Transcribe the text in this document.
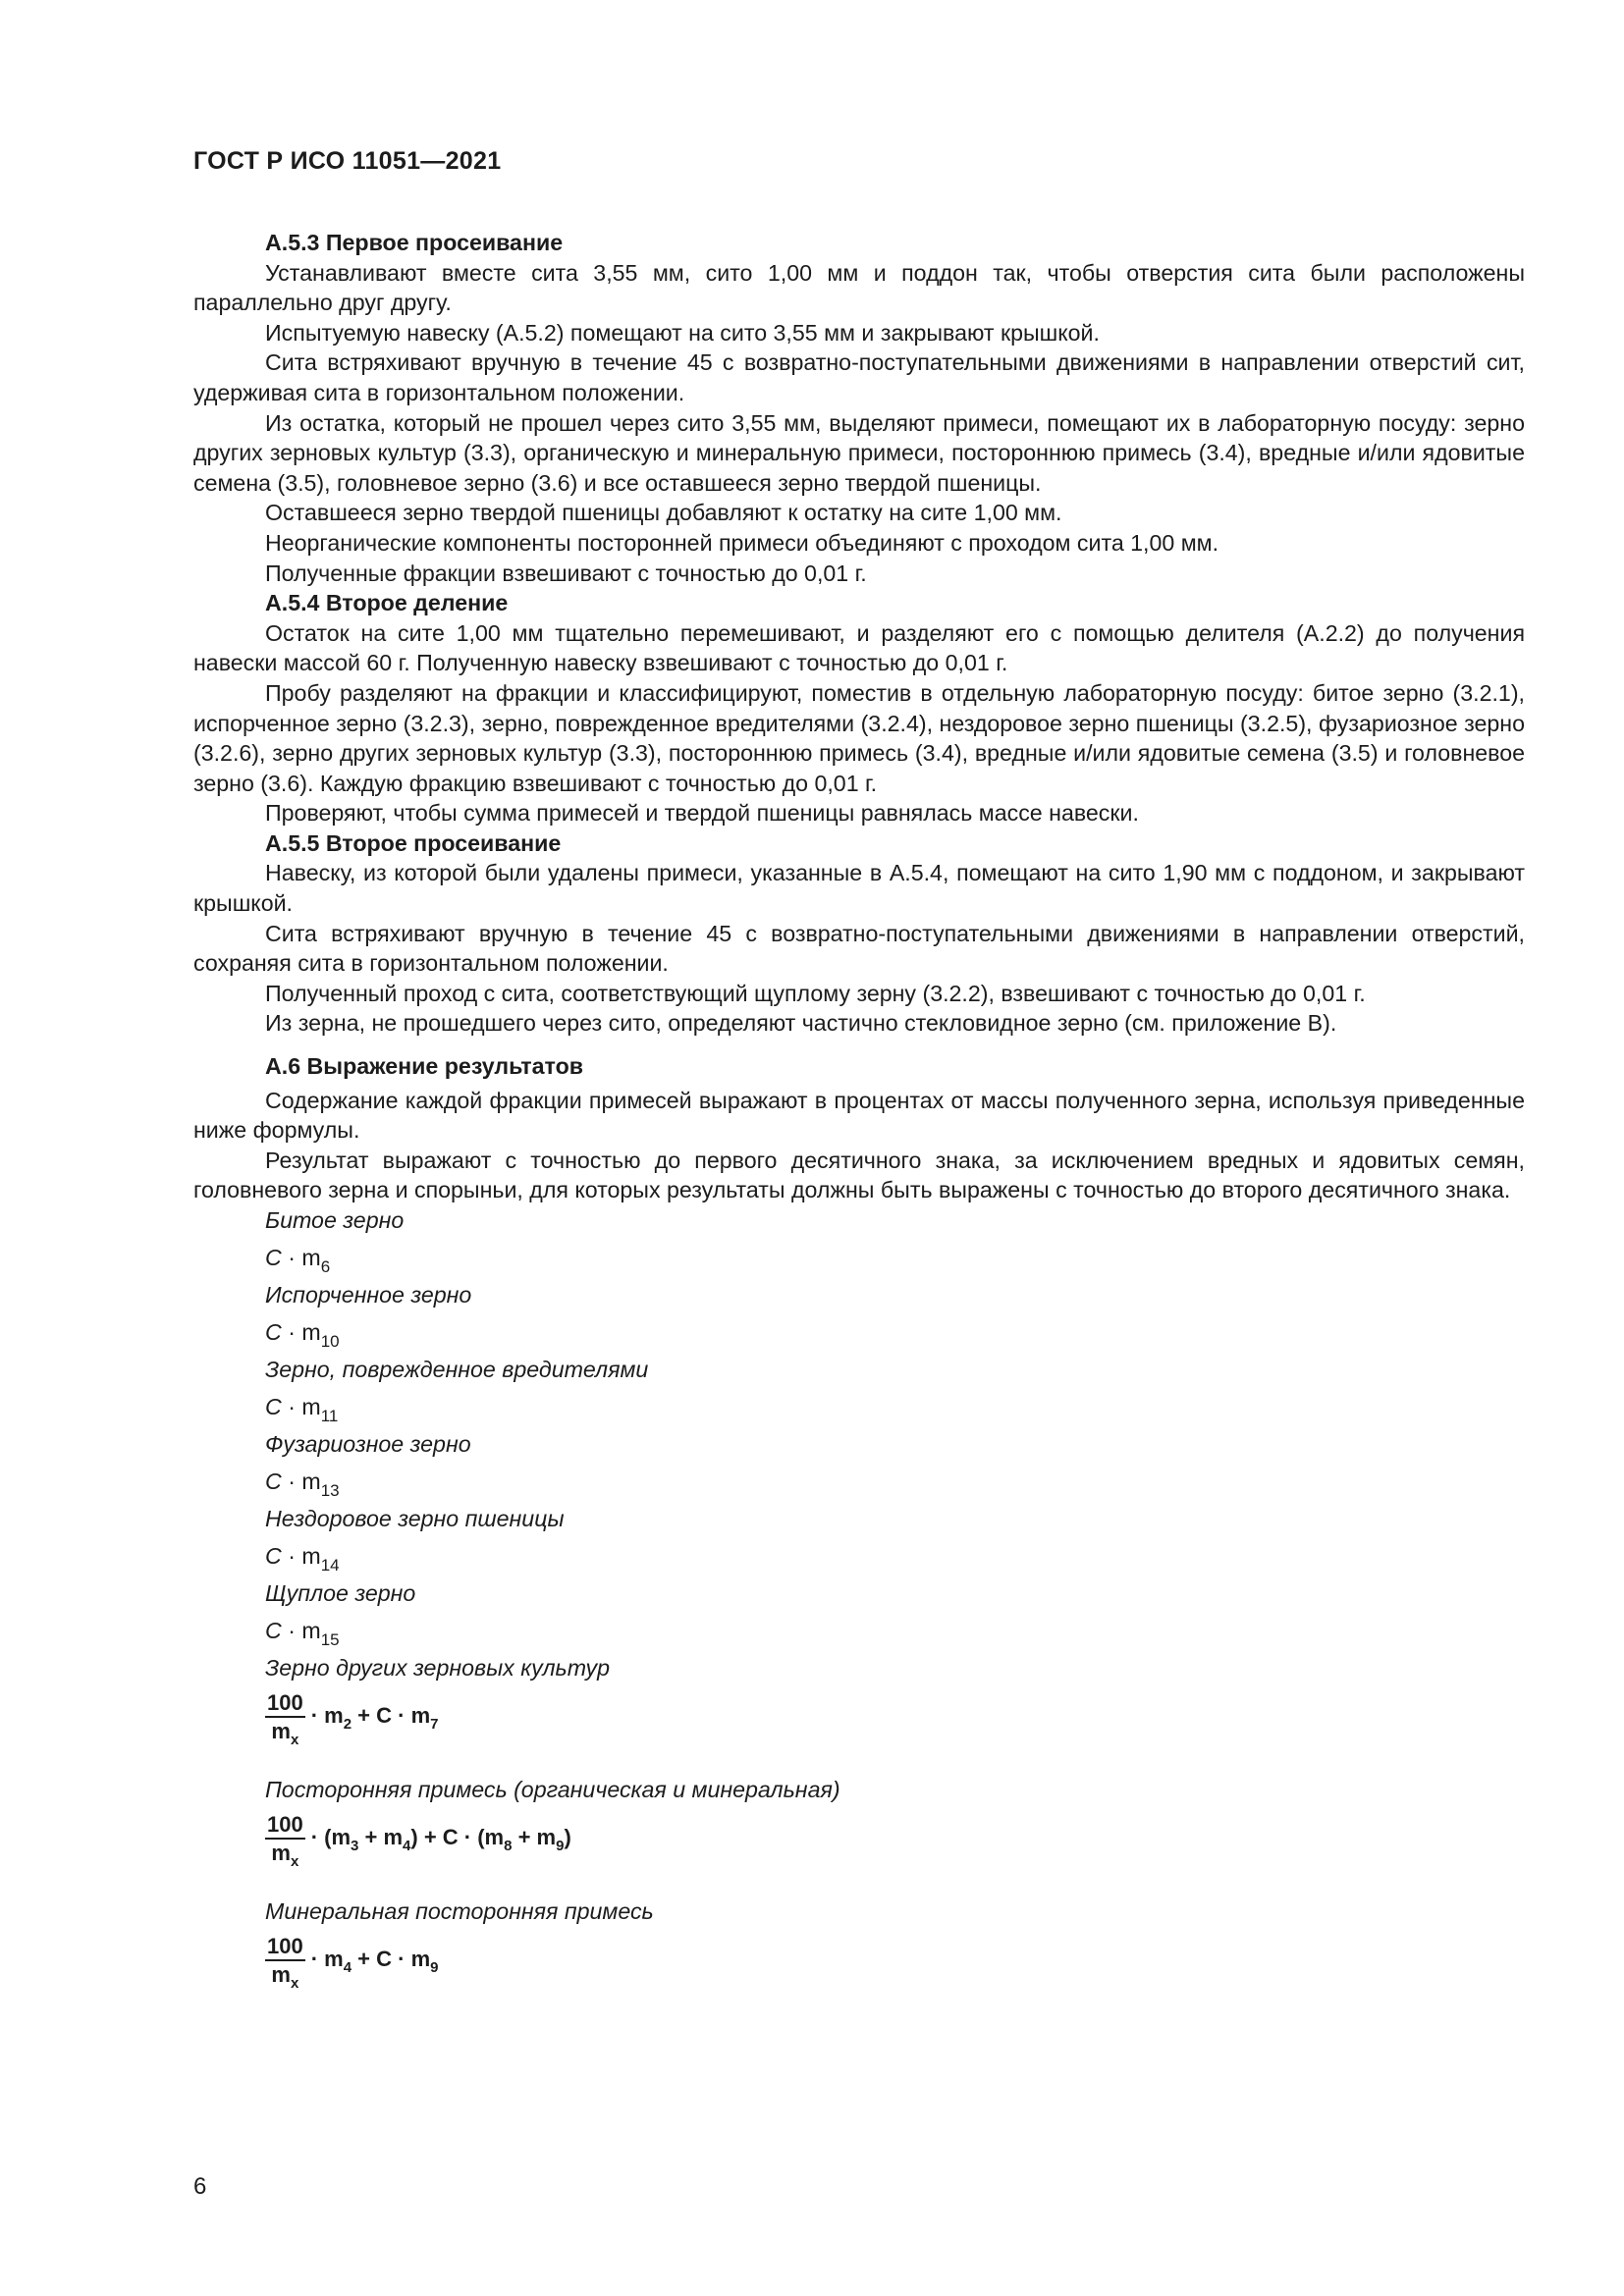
ГОСТ Р ИСО 11051—2021
А.5.3 Первое просеивание

Устанавливают вместе сита 3,55 мм, сито 1,00 мм и поддон так, чтобы отверстия сита были расположены параллельно друг другу.

Испытуемую навеску (А.5.2) помещают на сито 3,55 мм и закрывают крышкой.

Сита встряхивают вручную в течение 45 с возвратно-поступательными движениями в направлении отверстий сит, удерживая сита в горизонтальном положении.

Из остатка, который не прошел через сито 3,55 мм, выделяют примеси, помещают их в лабораторную посуду: зерно других зерновых культур (3.3), органическую и минеральную примеси, постороннюю примесь (3.4), вредные и/или ядовитые семена (3.5), головневое зерно (3.6) и все оставшееся зерно твердой пшеницы.

Оставшееся зерно твердой пшеницы добавляют к остатку на сите 1,00 мм.

Неорганические компоненты посторонней примеси объединяют с проходом сита 1,00 мм.

Полученные фракции взвешивают с точностью до 0,01 г.

А.5.4 Второе деление

Остаток на сите 1,00 мм тщательно перемешивают, и разделяют его с помощью делителя (А.2.2) до получения навески массой 60 г. Полученную навеску взвешивают с точностью до 0,01 г.

Пробу разделяют на фракции и классифицируют, поместив в отдельную лабораторную посуду: битое зерно (3.2.1), испорченное зерно (3.2.3), зерно, поврежденное вредителями (3.2.4), нездоровое зерно пшеницы (3.2.5), фузариозное зерно (3.2.6), зерно других зерновых культур (3.3), постороннюю примесь (3.4), вредные и/или ядовитые семена (3.5) и головневое зерно (3.6). Каждую фракцию взвешивают с точностью до 0,01 г.

Проверяют, чтобы сумма примесей и твердой пшеницы равнялась массе навески.

А.5.5 Второе просеивание

Навеску, из которой были удалены примеси, указанные в А.5.4, помещают на сито 1,90 мм с поддоном, и закрывают крышкой.

Сита встряхивают вручную в течение 45 с возвратно-поступательными движениями в направлении отверстий, сохраняя сита в горизонтальном положении.

Полученный проход с сита, соответствующий щуплому зерну (3.2.2), взвешивают с точностью до 0,01 г.

Из зерна, не прошедшего через сито, определяют частично стекловидное зерно (см. приложение В).

А.6 Выражение результатов

Содержание каждой фракции примесей выражают в процентах от массы полученного зерна, используя приведенные ниже формулы.

Результат выражают с точностью до первого десятичного знака, за исключением вредных и ядовитых семян, головневого зерна и спорыньи, для которых результаты должны быть выражены с точностью до второго десятичного знака.

Битое зерно
$C \cdot m_6$
Испорченное зерно
$C \cdot m_{10}$
Зерно, поврежденное вредителями
$C \cdot m_{11}$
Фузариозное зерно
$C \cdot m_{13}$
Нездоровое зерно пшеницы
$C \cdot m_{14}$
Щуплое зерно
$C \cdot m_{15}$
Зерно других зерновых культур
$\frac{100}{m_x} \cdot m_2 + C \cdot m_7$
Посторонняя примесь (органическая и минеральная)
$\frac{100}{m_x} \cdot (m_3 + m_4) + C \cdot (m_8 + m_9)$
Минеральная посторонняя примесь
$\frac{100}{m_x} \cdot m_4 + C \cdot m_9$
6
